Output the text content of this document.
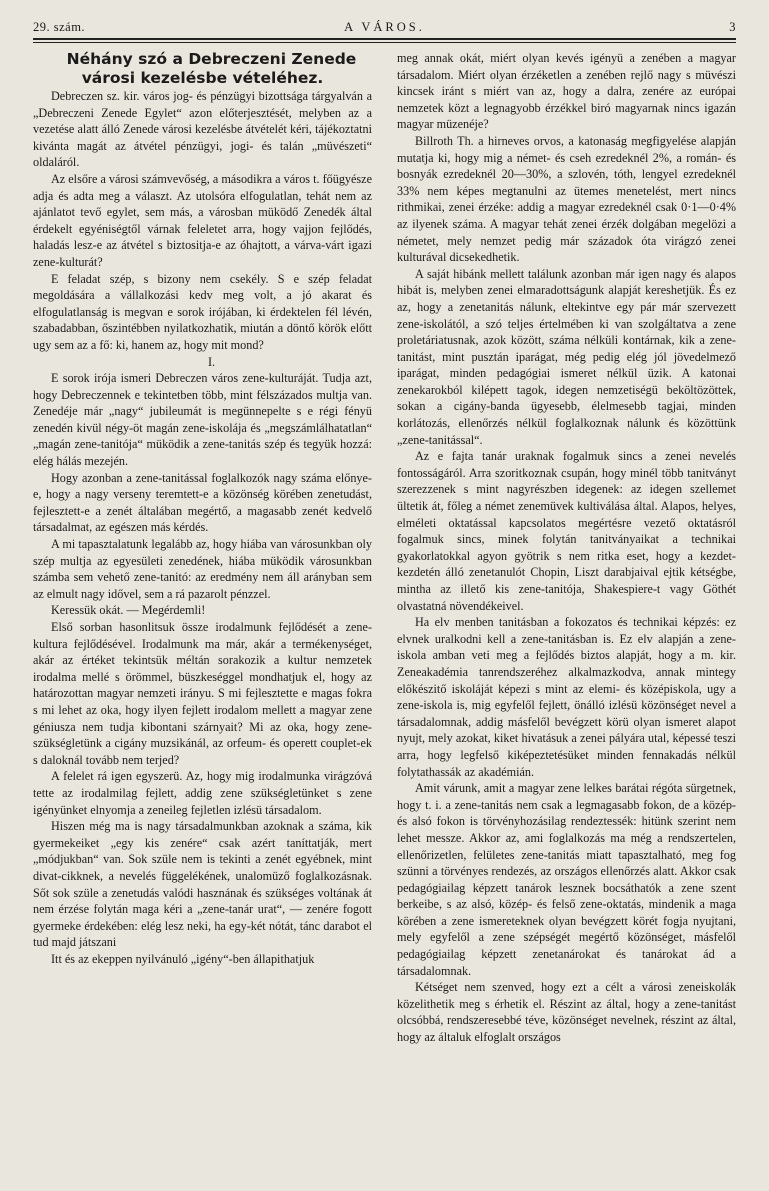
29. szám.	A VÁROS.	3

Néhány szó a Debreczeni Zenede városi kezelésbe vételéhez.

Debreczen sz. kir. város jog- és pénzügyi bizottsága tárgyalván a „Debreczeni Zenede Egylet“ azon előterjesztését, melyben az a vezetése alatt álló Zenede városi kezelésbe átvételét kéri, tájékoztatni kivánta magát az átvétel pénzügyi, jogi- és talán „müvészeti“ oldaláról.

Az elsőre a városi számvevőség, a másodikra a város t. főügyésze adja és adta meg a választ. Az utolsóra elfogulatlan, tehát nem az ajánlatot tevő egylet, sem más, a városban müködő Zenedék által érdekelt egyéniségtől várnak feleletet arra, hogy vajjon fejlődés, haladás lesz-e az átvétel s biztositja-e az óhajtott, a várva-várt igazi zene-kulturát?

E feladat szép, s bizony nem csekély. S e szép feladat megoldására a vállalkozási kedv meg volt, a jó akarat és elfogulatlanság is megvan e sorok irójában, ki érdektelen fél lévén, szabadabban, őszintébben nyilatkozhatik, miután a döntő körök előtt ugy sem az a fő: ki, hanem az, hogy mit mond?

I.

E sorok irója ismeri Debreczen város zene-kulturáját. Tudja azt, hogy Debreczennek e tekintetben több, mint félszázados multja van. Zenedéje már „nagy“ jubileumát is megünnepelte s e régi fényü zenedén kivül négy-öt magán zene-iskolája és „megszámlálhatatlan“ „magán zene-tanitója“ müködik a zene-tanitás szép és tegyük hozzá: elég hálás mezején.

Hogy azonban a zene-tanitással foglalkozók nagy száma előnye-e, hogy a nagy verseny teremtett-e a közönség körében zenetudást, fejlesztett-e a zenét általában megértő, a magasabb zenét kedvelő társadalmat, az egészen más kérdés.

A mi tapasztalatunk legalább az, hogy hiába van városunkban oly szép multja az egyesületi zenedének, hiába müködik városunkban számba sem vehető zene-tanitó: az eredmény nem áll arányban sem az elmult nagy idővel, sem a rá pazarolt pénzzel.

Keressük okát. — Megérdemli!

Első sorban hasonlitsuk össze irodalmunk fejlődését a zene-kultura fejlődésével. Irodalmunk ma már, akár a termékenységet, akár az értéket tekintsük méltán sorakozik a kultur nemzetek irodalma mellé s örömmel, büszkeséggel mondhatjuk el, hogy az határozottan magyar nemzeti irányu. S mi fejlesztette e magas fokra s mi lehet az oka, hogy ilyen fejlett irodalom mellett a magyar zene géniusza nem tudja kibontani szárnyait? Mi az oka, hogy zene-szükségletünk a cigány muzsikánál, az orfeum- és operett couplet-ek s daloknál tovább nem terjed?

A felelet rá igen egyszerü. Az, hogy mig irodalmunka virágzóvá tette az irodalmilag fejlett, addig zene szükségletünket s zene igényünket elnyomja a zeneileg fejletlen izlésü társadalom.

Hiszen még ma is nagy társadalmunkban azoknak a száma, kik gyermekeiket „egy kis zenére“ csak azért taníttatják, mert „módjukban“ van. Sok szüle nem is tekinti a zenét egyébnek, mint divat-cikknek, a nevelés függelékének, unalomüző foglalkozásnak. Sőt sok szüle a zenetudás valódi hasznának és szükséges voltának át nem érzése folytán maga kéri a „zene-tanár urat“, — zenére fogott gyermeke érdekében: elég lesz neki, ha egy-két nótát, tánc darabot el tud majd játszani

Itt és az ekeppen nyilvánuló „igény“-ben állapithatjuk

meg annak okát, miért olyan kevés igényü a zenében a magyar társadalom. Miért olyan érzéketlen a zenében rejlő nagy s müvészi kincsek iránt s miért van az, hogy a dalra, zenére az európai nemzetek közt a legnagyobb érzékkel biró magyarnak nincs igazán magyar müzenéje?

Billroth Th. a hirneves orvos, a katonaság megfigyelése alapján mutatja ki, hogy mig a német- és cseh ezredeknél 2%, a román- és bosnyák ezredeknél 20—30%, a szlovén, tóth, lengyel ezredeknél 33% nem képes megtanulni az ütemes menetelést, mert nincs rithmikai, zenei érzéke: addig a magyar ezredeknél csak 0·1—0·4% az ilyenek száma. A magyar tehát zenei érzék dolgában megelözi a németet, mely nemzet pedig már századok óta virágzó zenei kulturával dicsekedhetik.

A saját hibánk mellett találunk azonban már igen nagy és alapos hibát is, melyben zenei elmaradottságunk alapját kereshetjük. És ez az, hogy a zenetanitás nálunk, eltekintve egy pár már szervezett zene-iskolától, a szó teljes értelmében ki van szolgáltatva a zene proletáriatusnak, azok között, száma nélküli kontárnak, kik a zene-tanitást, mint pusztán iparágat, még pedig elég jól jövedelmező iparágat, minden pedagógiai ismeret nélkül üzik. A katonai zenekarokból kilépett tagok, idegen nemzetiségü beköltözöttek, sokan a cigány-banda ügyesebb, élelmesebb tagjai, minden korlátozás, ellenőrzés nélkül foglalkoznak nálunk és közöttünk „zene-tanitással“.

Az e fajta tanár uraknak fogalmuk sincs a zenei nevelés fontosságáról. Arra szoritkoznak csupán, hogy minél több tanitványt szerezzenek s mint nagyrészben idegenek: az idegen szellemet ültetik át, főleg a német zenemüvek kultiválása által. Alapos, helyes, elméleti oktatással kapcsolatos megértésre vezető oktatásról fogalmuk sincs, minek folytán tanitványaikat a technikai gyakorlatokkal agyon gyötrik s nem ritka eset, hogy a kezdet-kezdetén álló zenetanulót Chopin, Liszt darabjaival ejtik kétségbe, mintha az illető kis zene-tanitója, Shakespiere-t vagy Göthét olvastatná növendékeivel.

Ha elv menben tanitásban a fokozatos és technikai képzés: ez elvnek uralkodni kell a zene-tanitásban is. Ez elv alapján a zene-iskola amban veti meg a fejlődés biztos alapját, hogy a m. kir. Zeneakadémia tanrendszeréhez alkalmazkodva, annak mintegy előkészitő iskoláját képezi s mint az elemi- és középiskola, ugy a zene-iskola is, mig egyfelől fejlett, önálló izlésü közönséget nevel a társadalomnak, addig másfelől bevégzett körü olyan ismeret alapot nyujt, mely azokat, kiket hivatásuk a zenei pályára utal, képessé teszi arra, hogy legfelső kiképeztetésüket minden fennakadás nélkül folytathassák az akadémián.

Amit várunk, amit a magyar zene lelkes barátai régóta sürgetnek, hogy t. i. a zene-tanitás nem csak a legmagasabb fokon, de a közép- és alsó fokon is törvényhozásilag rendeztessék: hitünk szerint nem lehet messze. Akkor az, ami foglalkozás ma még a rendszertelen, ellenőrizetlen, felületes zene-tanitás miatt tapasztalható, meg fog szünni a törvényes rendezés, az országos ellenőrzés alatt. Akkor csak pedagógiailag képzett tanárok lesznek bocsáthatók a zene szent berkeibe, s az alsó, közép- és felső zene-oktatás, mindenik a maga körében a zene ismereteknek olyan bevégzett körét fogja nyujtani, mely egyfelől a zene szépségét megértő közönséget, másfelől pedagógiailag képzett zenetanárokat és tanárokat ád a társadalomnak.

Kétséget nem szenved, hogy ezt a célt a városi zeneiskolák közelithetik meg s érhetik el. Részint az által, hogy a zene-tanitást olcsóbbá, rendszeresebbé téve, közönséget nevelnek, részint az által, hogy az általuk elfoglalt országos
